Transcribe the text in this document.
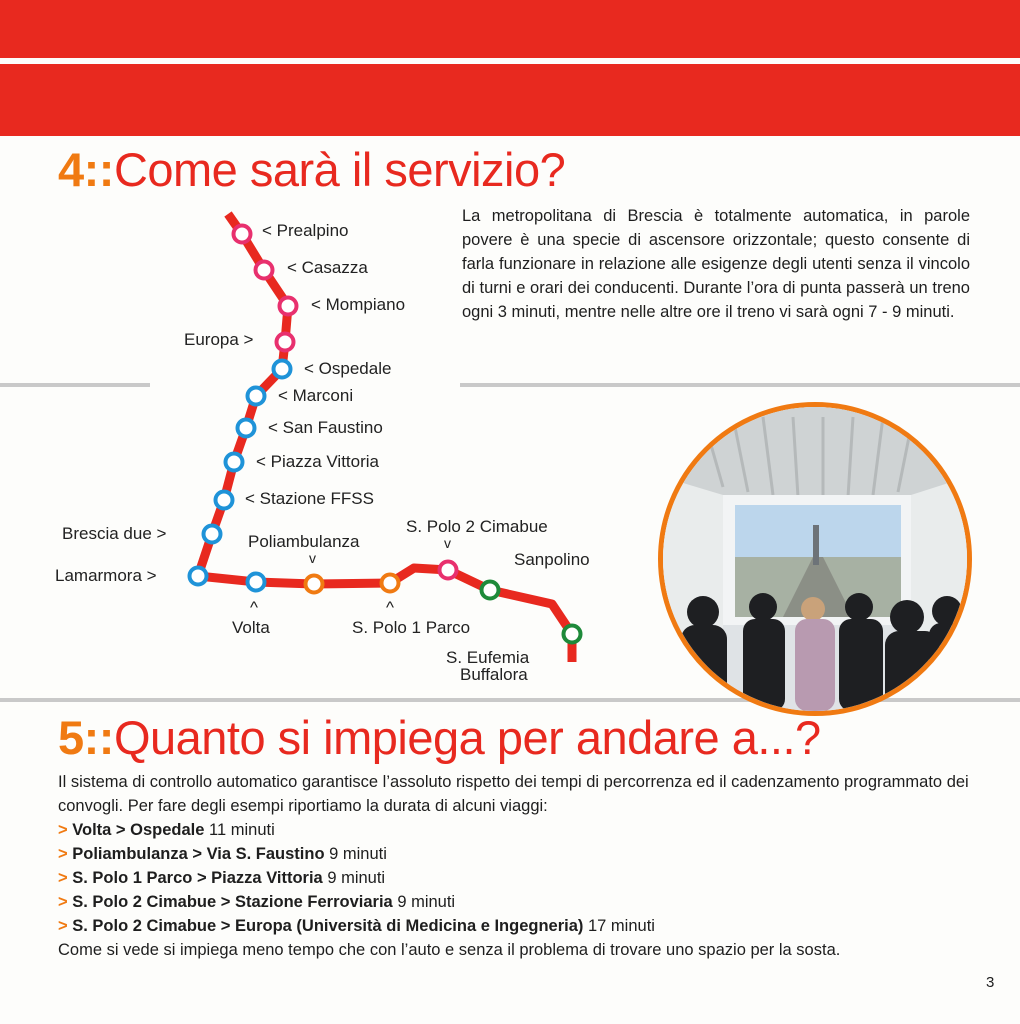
4::Come sarà il servizio?

La metropolitana di Brescia è totalmente automatica, in parole povere è una specie di ascensore orizzontale; questo consente di farla funzionare in relazione alle esigenze degli utenti senza il vincolo di turni e orari dei conducenti. Durante l’ora di punta passerà un treno ogni 3 minuti, mentre nelle altre ore il treno vi sarà ogni 7 - 9 minuti.

< Prealpino
< Casazza
< Mompiano
Europa >
< Ospedale
< Marconi
< San Faustino
< Piazza Vittoria
< Stazione FFSS
Brescia due >
Lamarmora >
^
Volta
Poliambulanza
v
^
S. Polo 1 Parco
S. Polo 2 Cimabue
v
Sanpolino
S. Eufemia
Buffalora
5::Quanto si impiega per andare a...?

Il sistema di controllo automatico garantisce l’assoluto rispetto dei tempi di percorrenza ed il cadenzamento programmato dei convogli. Per fare degli esempi riportiamo la durata di alcuni viaggi:

> Volta > Ospedale 11 minuti
> Poliambulanza > Via S. Faustino 9 minuti
> S. Polo 1 Parco > Piazza Vittoria 9 minuti
> S. Polo 2 Cimabue > Stazione Ferroviaria 9 minuti
> S. Polo 2 Cimabue > Europa (Università di Medicina e Ingegneria) 17 minuti

Come si vede si impiega meno tempo che con l’auto e senza il problema di trovare uno spazio per la sosta.

3
